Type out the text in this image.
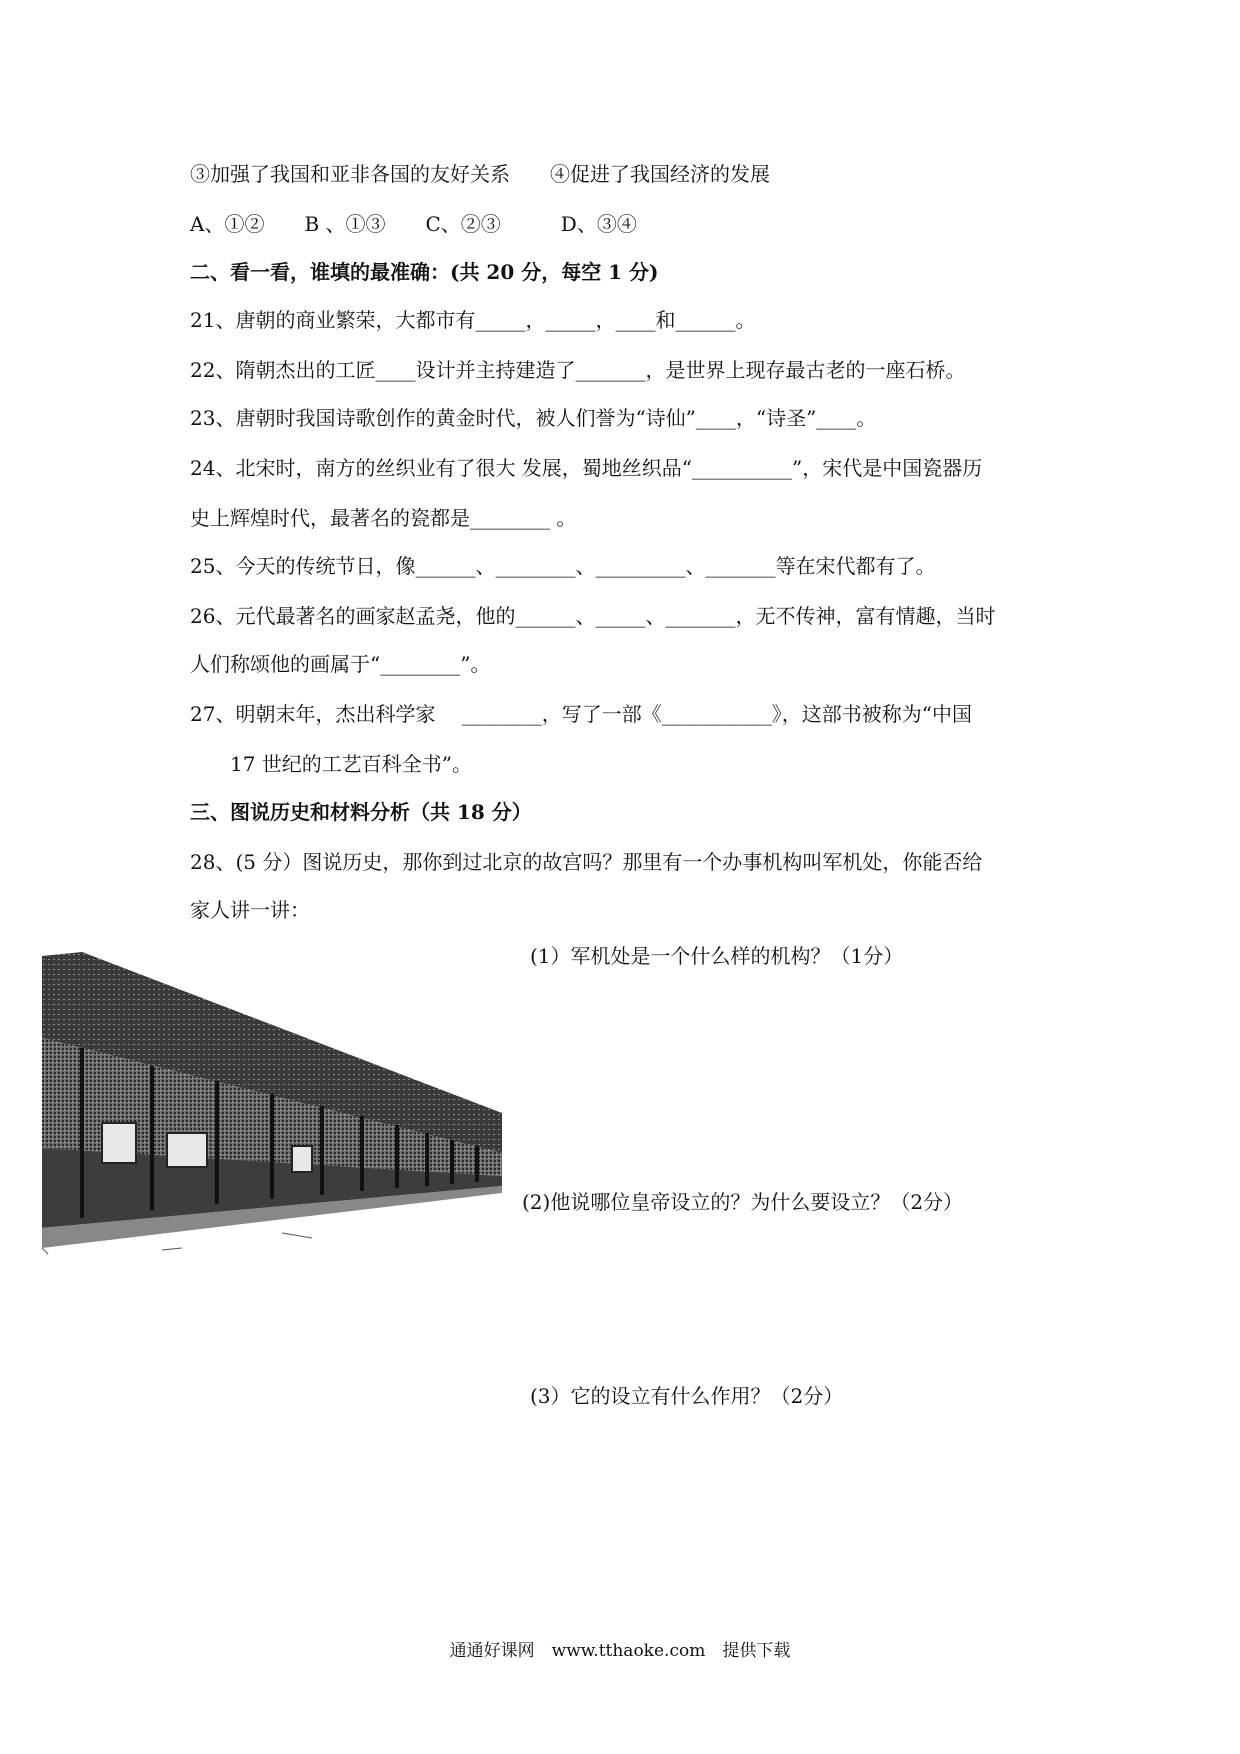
③加强了我国和亚非各国的友好关系　　④促进了我国经济的发展
A、①②　　B 、①③　　C、②③　　　D、③④
二、看一看，谁填的最准确：(共 20 分，每空 1 分)
21、唐朝的商业繁荣，大都市有_____，_____，____和______。
22、隋朝杰出的工匠____设计并主持建造了_______，是世界上现存最古老的一座石桥。
23、唐朝时我国诗歌创作的黄金时代，被人们誉为“诗仙”____，“诗圣”____。
24、北宋时，南方的丝织业有了很大 发展，蜀地丝织品“__________”，宋代是中国瓷器历
史上辉煌时代，最著名的瓷都是________ 。
25、今天的传统节日，像______、________、_________、_______等在宋代都有了。
26、元代最著名的画家赵孟尧，他的______、_____、_______，无不传神，富有情趣，当时
人们称颂他的画属于“________”。
27、明朝末年，杰出科学家　 ________，写了一部《___________》，这部书被称为“中国
17 世纪的工艺百科全书”。
三、图说历史和材料分析（共 18 分）
28、(5 分）图说历史，那你到过北京的故宫吗？那里有一个办事机构叫军机处，你能否给
家人讲一讲：
(1）军机处是一个什么样的机构？（1分）
(2)他说哪位皇帝设立的？为什么要设立？（2分）
(3）它的设立有什么作用？（2分）
通通好课网　www.tthaoke.com　提供下载
